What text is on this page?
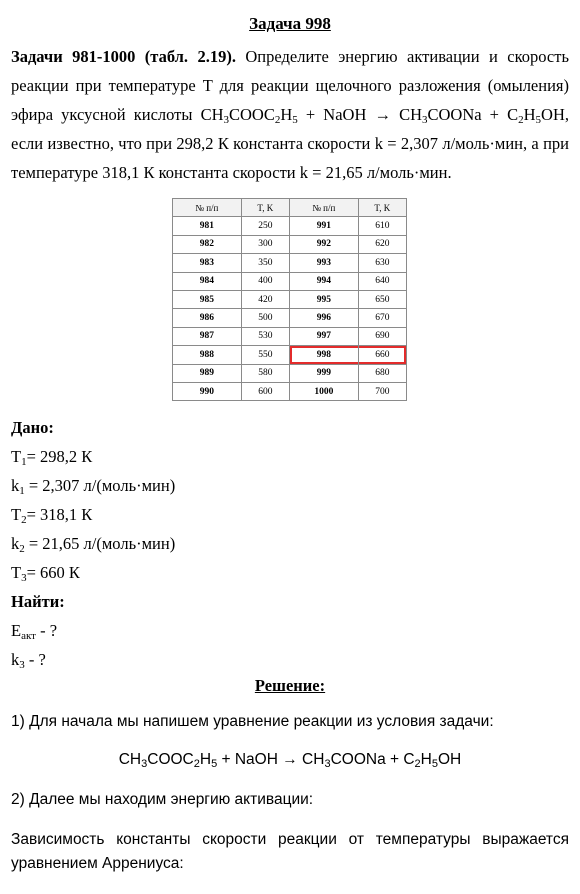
Задача 998
Задачи 981-1000 (табл. 2.19). Определите энергию активации и скорость реакции при температуре T для реакции щелочного разложения (омыления) эфира уксусной кислоты $CH_3COOC_2H_5$ + NaOH → $CH_3COONa + C_2H_5OH$, если известно, что при 298,2 К константа скорости k = 2,307 л/моль·мин, а при температуре 318,1 К константа скорости k = 21,65 л/моль·мин.
№ п/п	T, K	№ п/п	T, K
981	250	991	610
982	300	992	620
983	350	993	630
984	400	994	640
985	420	995	650
986	500	996	670
987	530	997	690
988	550	998	660
989	580	999	680
990	600	1000	700
Дано:
$T_1= 298,2$ К
$k_1 = 2,307$ л/(моль·мин)
$T_2= 318,1$ К
$k_2 = 21,65$ л/(моль·мин)
$T_3= 660$ К
Найти:
$E_{акт}$ - ?
$k_3$ - ?
Решение:
1) Для начала мы напишем уравнение реакции из условия задачи:
$CH_3COOC_2H_5$ + NaOH → $CH_3COONa + C_2H_5OH$
2) Далее мы находим энергию активации:
Зависимость константы скорости реакции от температуры выражается уравнением Аррениуса:
